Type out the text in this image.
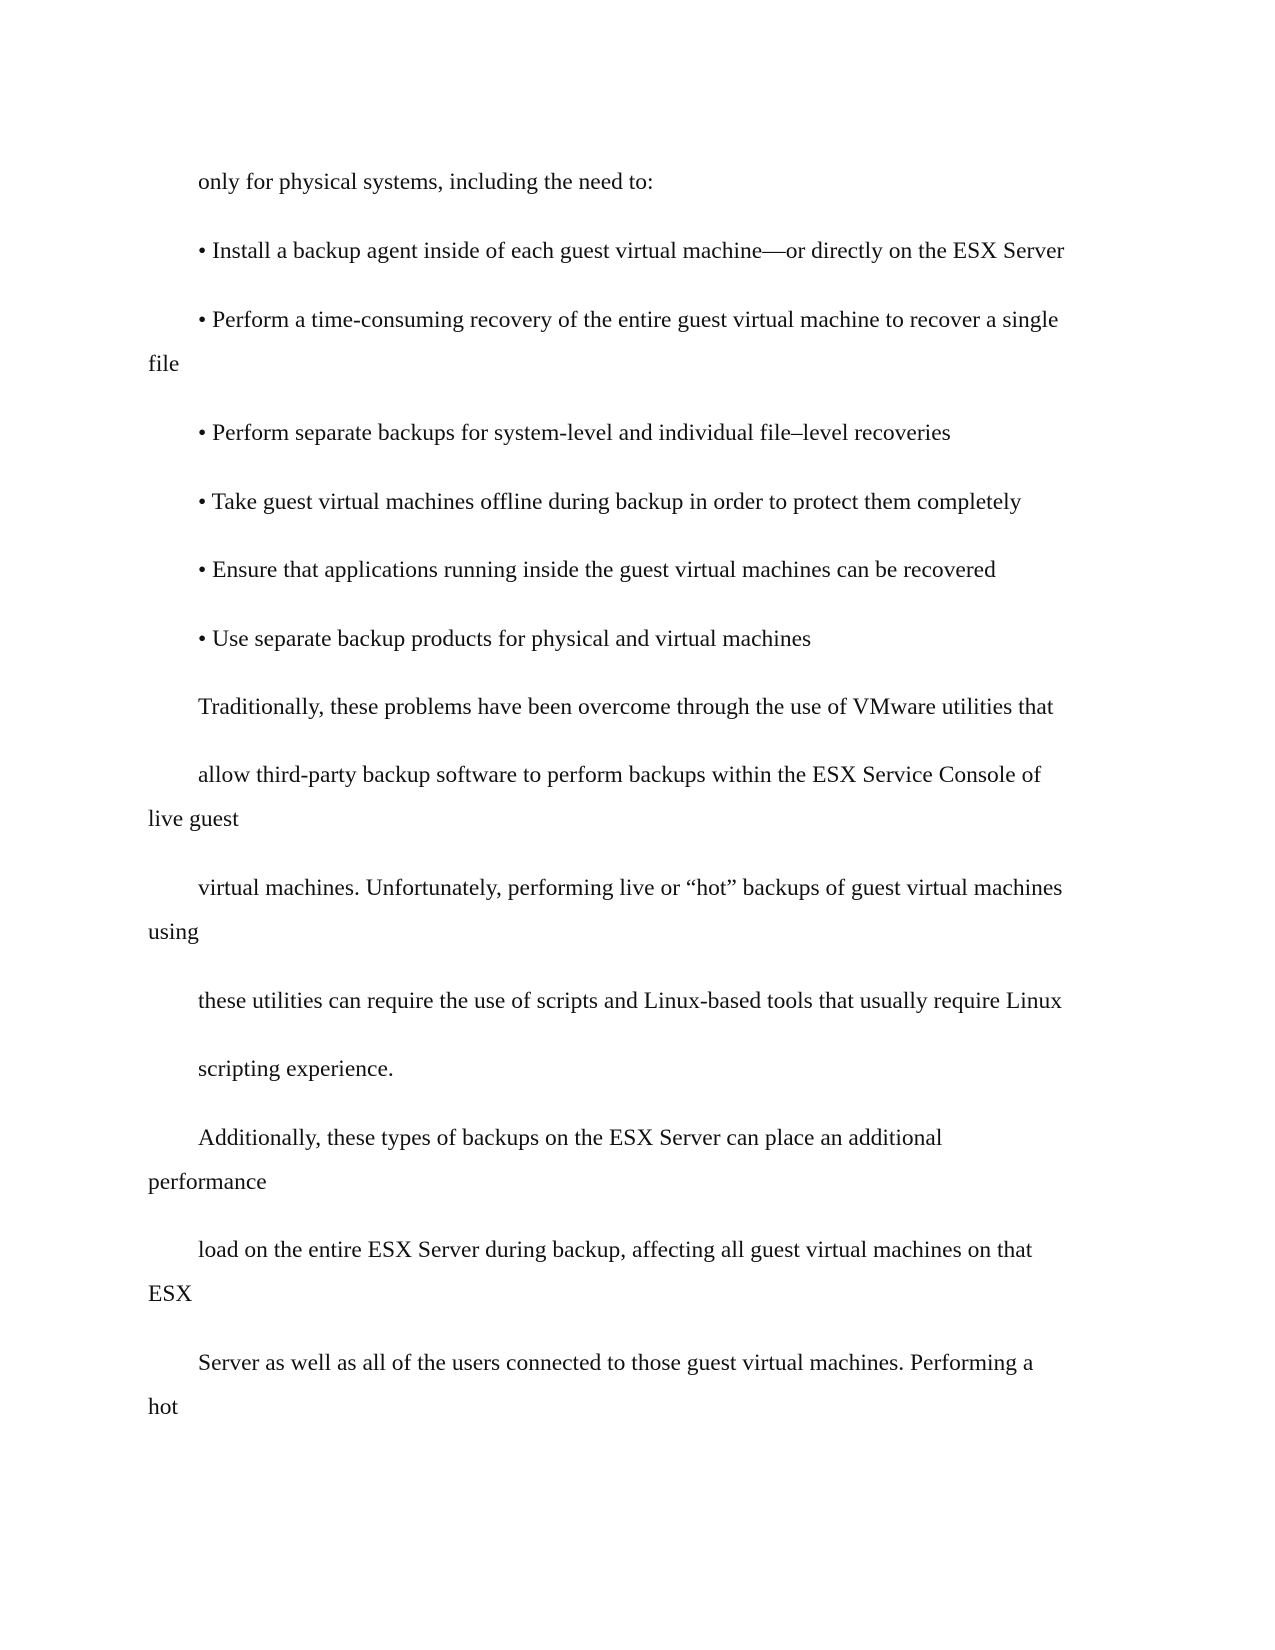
only for physical systems, including the need to:

• Install a backup agent inside of each guest virtual machine—or directly on the ESX Server

• Perform a time-consuming recovery of the entire guest virtual machine to recover a single

file

• Perform separate backups for system-level and individual file–level recoveries

• Take guest virtual machines offline during backup in order to protect them completely

• Ensure that applications running inside the guest virtual machines can be recovered

• Use separate backup products for physical and virtual machines

Traditionally, these problems have been overcome through the use of VMware utilities that

allow third-party backup software to perform backups within the ESX Service Console of

live guest

virtual machines. Unfortunately, performing live or “hot” backups of guest virtual machines

using

these utilities can require the use of scripts and Linux-based tools that usually require Linux

scripting experience.

Additionally, these types of backups on the ESX Server can place an additional

performance

load on the entire ESX Server during backup, affecting all guest virtual machines on that

ESX

Server as well as all of the users connected to those guest virtual machines. Performing a

hot
